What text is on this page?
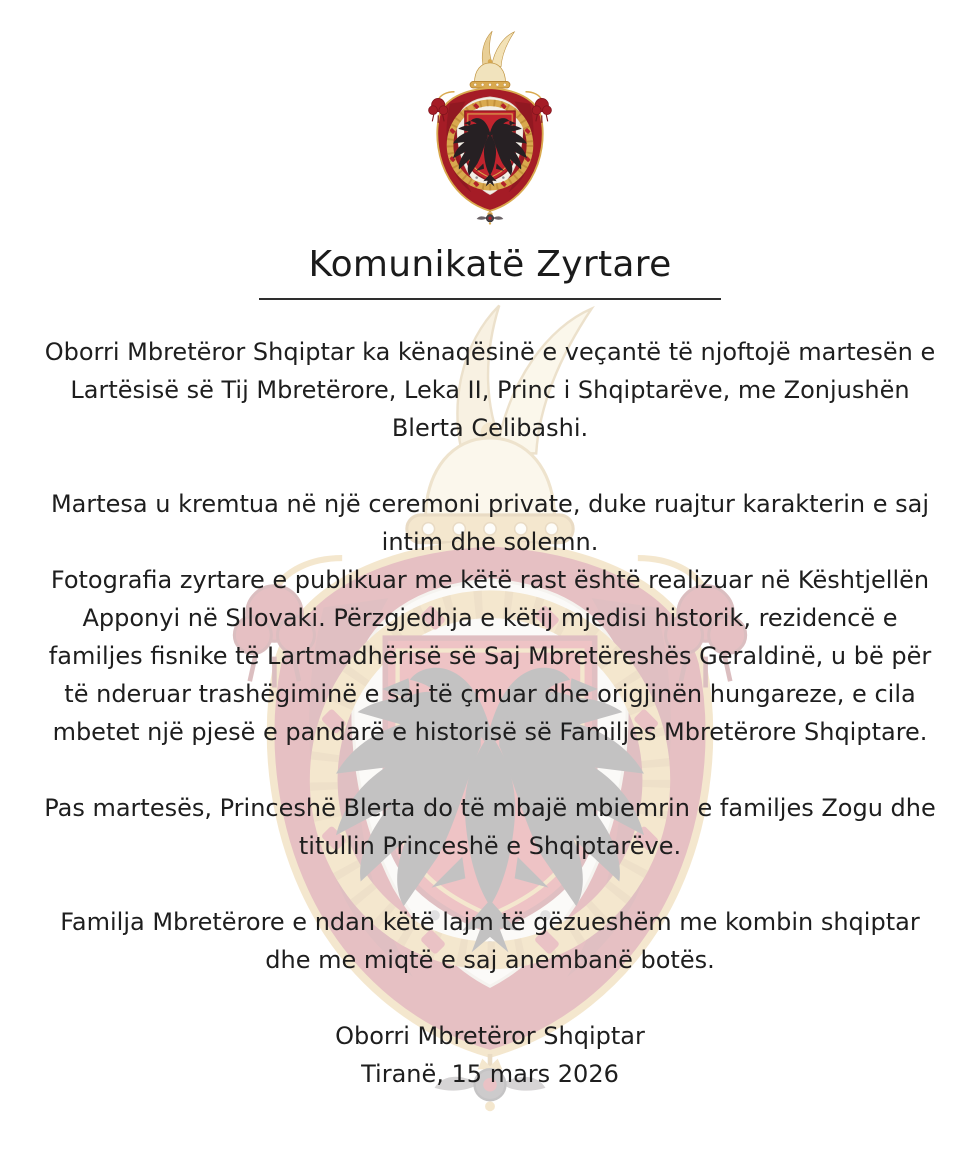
Komunikatë Zyrtare

Oborri Mbretëror Shqiptar ka kënaqësinë e veçantë të njoftojë martesën e Lartësisë së Tij Mbretërore, Leka II, Princ i Shqiptarëve, me Zonjushën Blerta Celibashi.

Martesa u kremtua në një ceremoni private, duke ruajtur karakterin e saj intim dhe solemn.

Fotografia zyrtare e publikuar me këtë rast është realizuar në Kështjellën Apponyi në Sllovaki. Përzgjedhja e këtij mjedisi historik, rezidencë e familjes fisnike të Lartmadhërisë së Saj Mbretëreshës Geraldinë, u bë për të nderuar trashëgiminë e saj të çmuar dhe origjinën hungareze, e cila mbetet një pjesë e pandarë e historisë së Familjes Mbretërore Shqiptare.

Pas martesës, Princeshë Blerta do të mbajë mbiemrin e familjes Zogu dhe titullin Princeshë e Shqiptarëve.

Familja Mbretërore e ndan këtë lajm të gëzueshëm me kombin shqiptar dhe me miqtë e saj anembanë botës.

Oborri Mbretëror Shqiptar

Tiranë, 15 mars 2026
